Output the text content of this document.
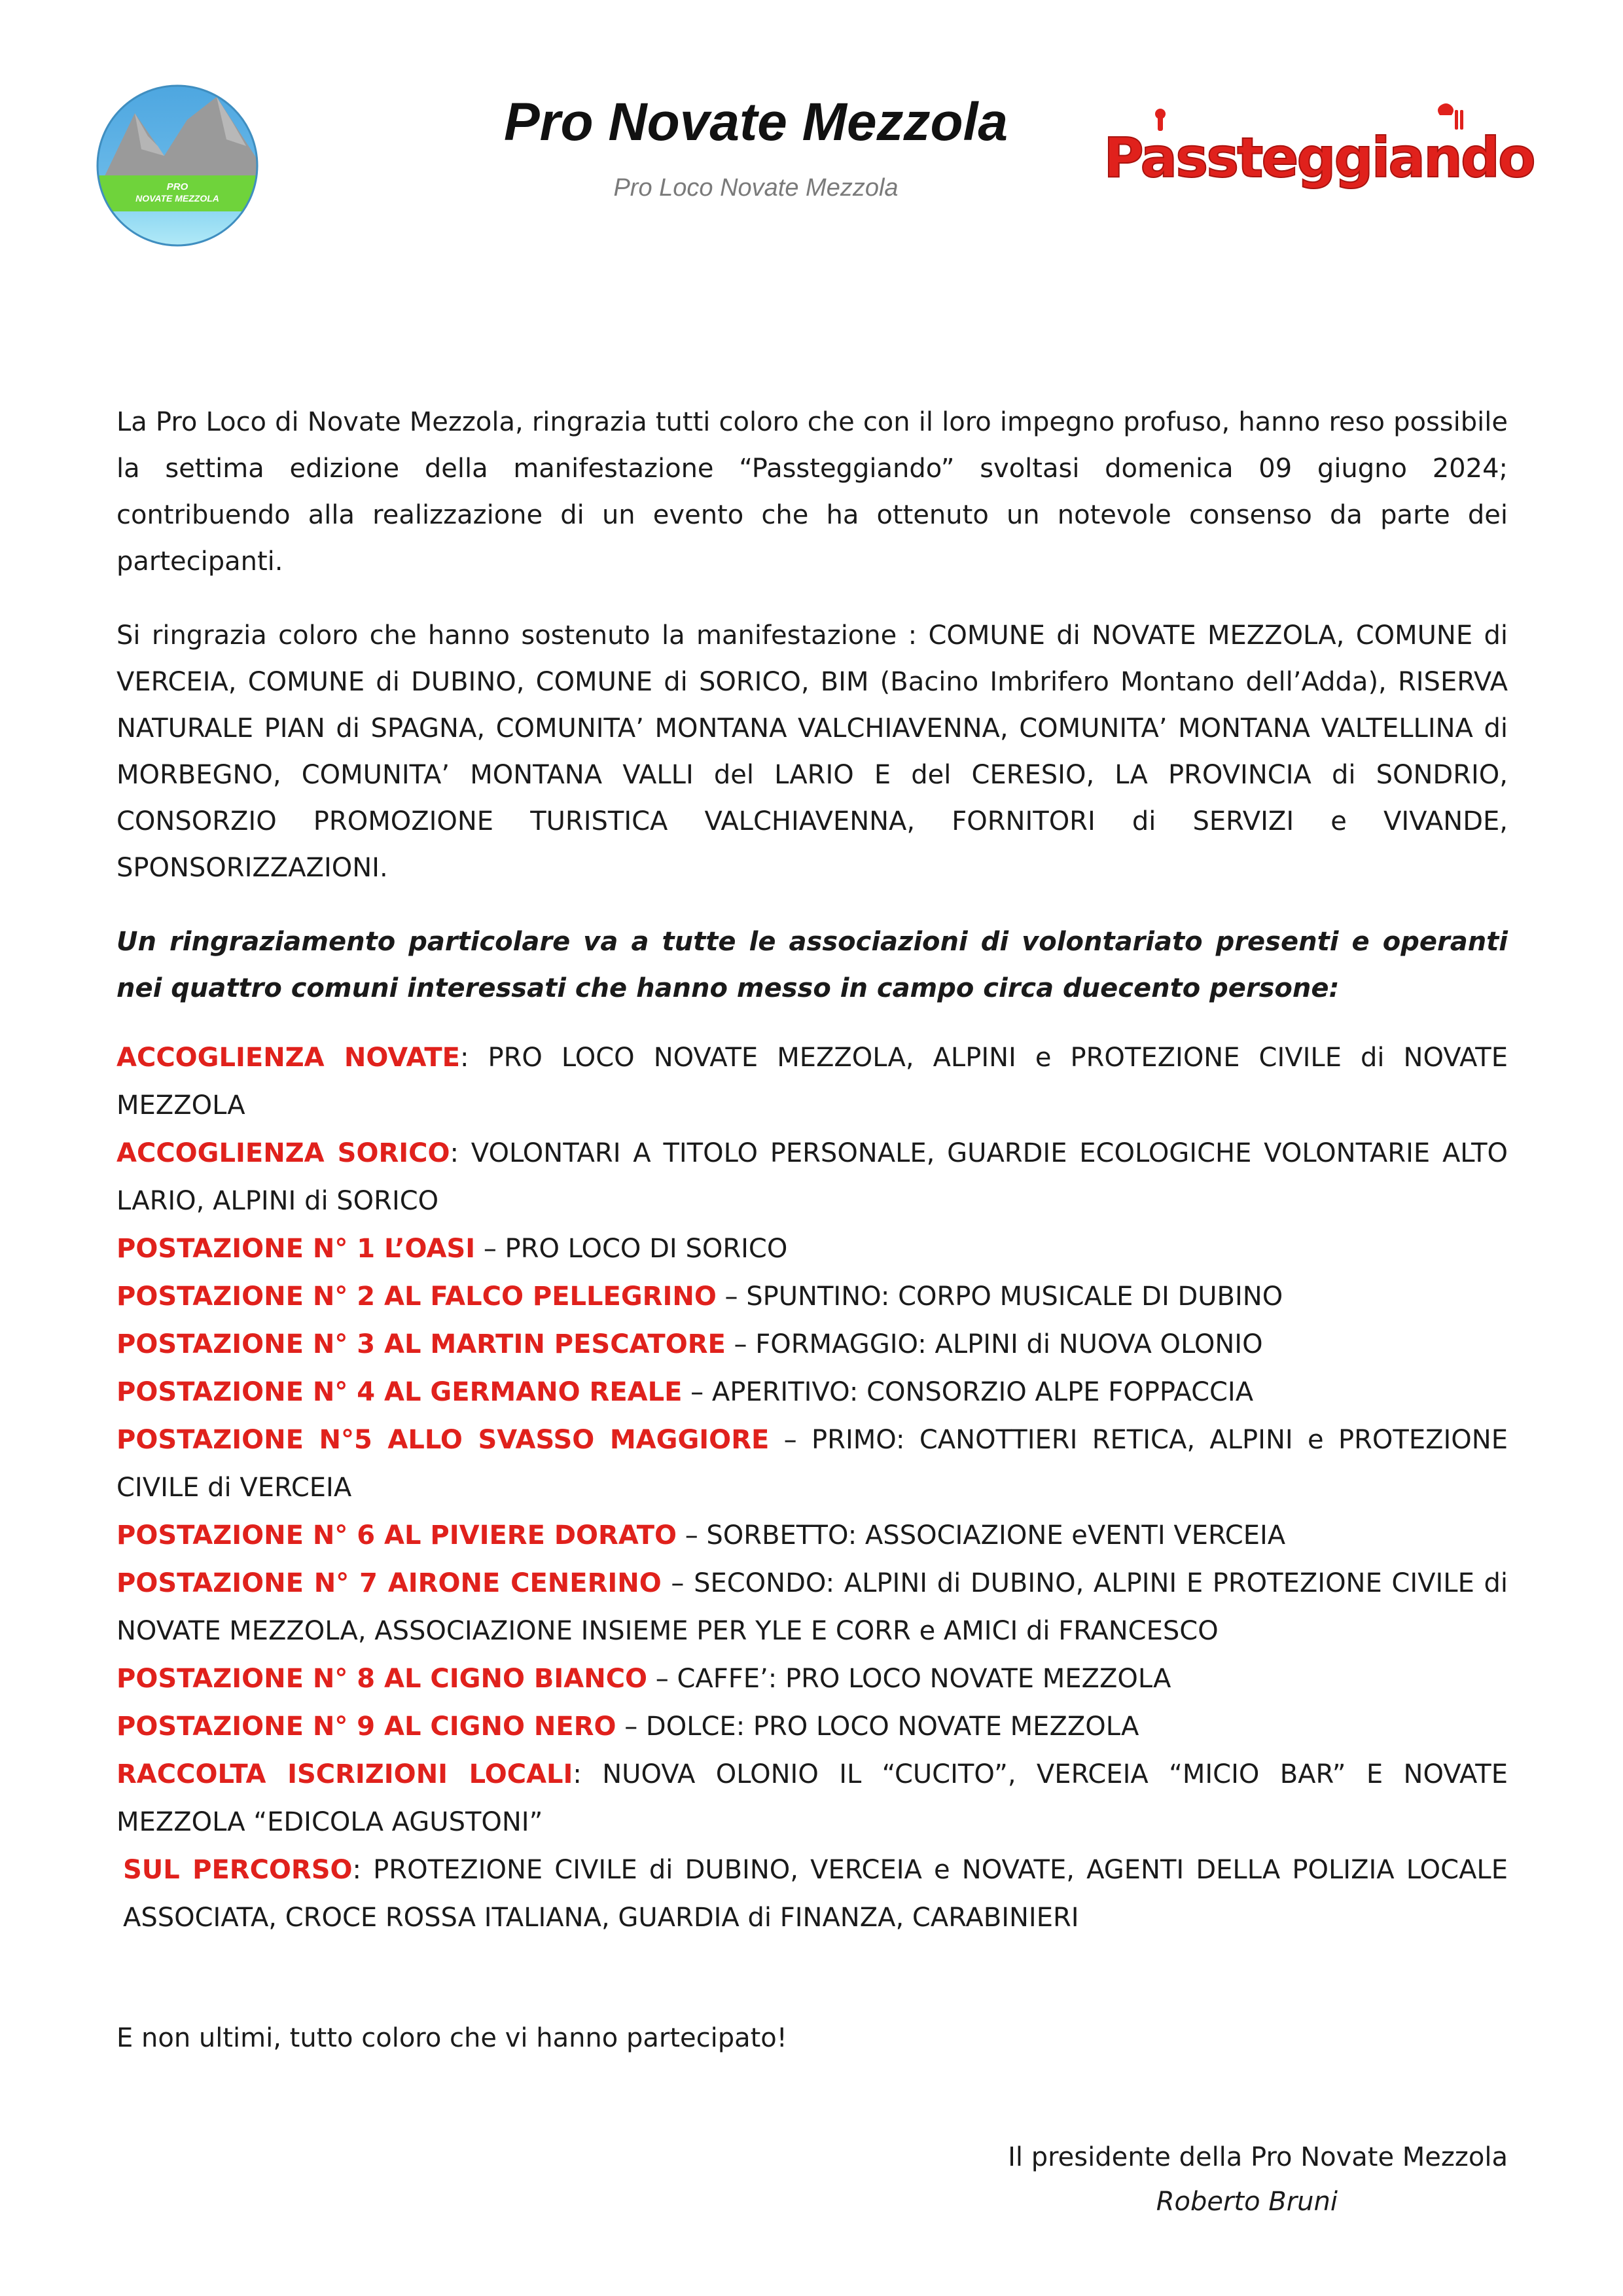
PRO
NOVATE MEZZOLA
Pro Novate Mezzola
Pro Loco Novate Mezzola	Passteggiando

La Pro Loco di Novate Mezzola, ringrazia tutti coloro che con il loro impegno profuso, hanno reso possibile la settima edizione della manifestazione “Passteggiando” svoltasi domenica 09 giugno 2024; contribuendo alla realizzazione di un evento che ha ottenuto un notevole consenso da parte dei partecipanti.

Si ringrazia coloro che hanno sostenuto la manifestazione : COMUNE di NOVATE MEZZOLA, COMUNE di VERCEIA, COMUNE di DUBINO, COMUNE di SORICO, BIM (Bacino Imbrifero Montano dell’Adda), RISERVA NATURALE PIAN di SPAGNA, COMUNITA’ MONTANA VALCHIAVENNA, COMUNITA’ MONTANA VALTELLINA di MORBEGNO, COMUNITA’ MONTANA VALLI del LARIO E del CERESIO, LA PROVINCIA di SONDRIO, CONSORZIO PROMOZIONE TURISTICA VALCHIAVENNA, FORNITORI di SERVIZI e VIVANDE, SPONSORIZZAZIONI.

Un ringraziamento particolare va a tutte le associazioni di volontariato presenti e operanti nei quattro comuni interessati che hanno messo in campo circa duecento persone:

ACCOGLIENZA NOVATE: PRO LOCO NOVATE MEZZOLA, ALPINI e PROTEZIONE CIVILE di NOVATE MEZZOLA

ACCOGLIENZA SORICO: VOLONTARI A TITOLO PERSONALE, GUARDIE ECOLOGICHE VOLONTARIE ALTO LARIO, ALPINI di SORICO

POSTAZIONE N° 1 L’OASI – PRO LOCO DI SORICO

POSTAZIONE N° 2 AL FALCO PELLEGRINO – SPUNTINO: CORPO MUSICALE DI DUBINO

POSTAZIONE N° 3 AL MARTIN PESCATORE – FORMAGGIO: ALPINI di NUOVA OLONIO

POSTAZIONE N° 4 AL GERMANO REALE – APERITIVO: CONSORZIO ALPE FOPPACCIA

POSTAZIONE N°5 ALLO SVASSO MAGGIORE – PRIMO: CANOTTIERI RETICA, ALPINI e PROTEZIONE CIVILE di VERCEIA

POSTAZIONE N° 6 AL PIVIERE DORATO – SORBETTO: ASSOCIAZIONE eVENTI VERCEIA

POSTAZIONE N° 7 AIRONE CENERINO – SECONDO: ALPINI di DUBINO, ALPINI E PROTEZIONE CIVILE di NOVATE MEZZOLA, ASSOCIAZIONE INSIEME PER YLE E CORR e AMICI di FRANCESCO

POSTAZIONE N° 8 AL CIGNO BIANCO – CAFFE’: PRO LOCO NOVATE MEZZOLA

POSTAZIONE N° 9 AL CIGNO NERO – DOLCE: PRO LOCO NOVATE MEZZOLA

RACCOLTA ISCRIZIONI LOCALI: NUOVA OLONIO IL “CUCITO”, VERCEIA “MICIO BAR” E NOVATE MEZZOLA “EDICOLA AGUSTONI”

SUL PERCORSO: PROTEZIONE CIVILE di DUBINO, VERCEIA e NOVATE, AGENTI DELLA POLIZIA LOCALE ASSOCIATA, CROCE ROSSA ITALIANA, GUARDIA di FINANZA, CARABINIERI

E non ultimi, tutto coloro che vi hanno partecipato!

Il presidente della Pro Novate Mezzola
Roberto Bruni
